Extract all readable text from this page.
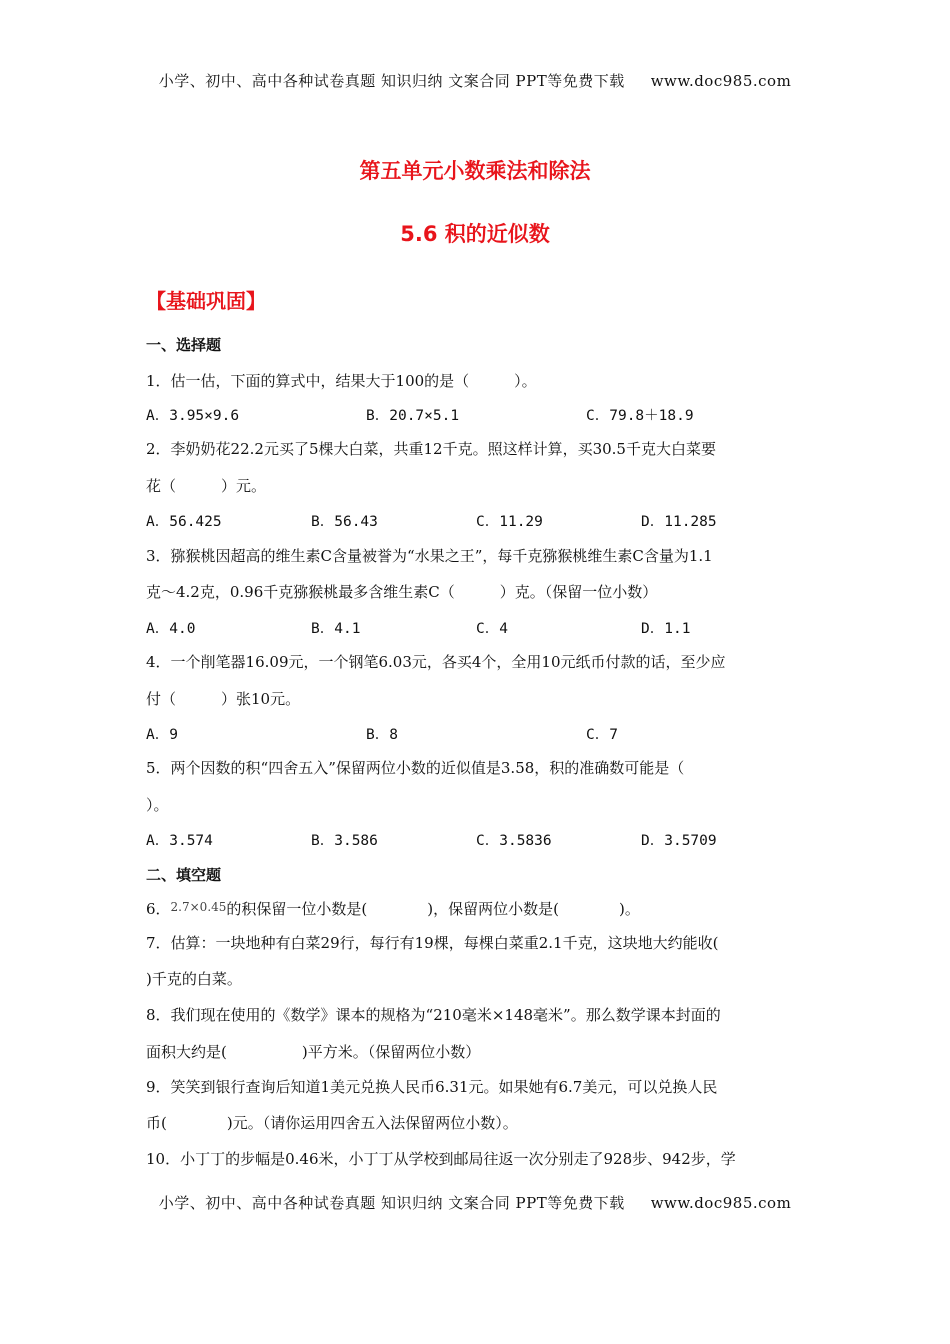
小学、初中、高中各种试卷真题 知识归纳 文案合同 PPT等免费下载 www.doc985.com
第五单元小数乘法和除法
5.6 积的近似数
【基础巩固】
一、选择题
1．估一估，下面的算式中，结果大于100的是（　　　）。
A．3.95×9.6	B．20.7×5.1	C．79.8＋18.9
2．李奶奶花22.2元买了5棵大白菜，共重12千克。照这样计算，买30.5千克大白菜要
花（　　　）元。
A．56.425	B．56.43	C．11.29	D．11.285
3．猕猴桃因超高的维生素C含量被誉为“水果之王”，每千克猕猴桃维生素C含量为1.1
克～4.2克，0.96千克猕猴桃最多含维生素C（　　　）克。（保留一位小数）
A．4.0	B．4.1	C．4	D．1.1
4．一个削笔器16.09元，一个钢笔6.03元，各买4个，全用10元纸币付款的话，至少应
付（　　　）张10元。
A．9	B．8	C．7
5．两个因数的积“四舍五入”保留两位小数的近似值是3.58，积的准确数可能是（
）。
A．3.574	B．3.586	C．3.5836	D．3.5709
二、填空题
6．$^{2.7\times 0.45}$的积保留一位小数是(　　　　)，保留两位小数是(　　　　)。
7．估算：一块地种有白菜29行，每行有19棵，每棵白菜重2.1千克，这块地大约能收(
)千克的白菜。
8．我们现在使用的《数学》课本的规格为“210毫米×148毫米”。那么数学课本封面的
面积大约是(　　　　　)平方米。（保留两位小数）
9．笑笑到银行查询后知道1美元兑换人民币6.31元。如果她有6.7美元，可以兑换人民
币(　　　　)元。（请你运用四舍五入法保留两位小数）。
10．小丁丁的步幅是0.46米，小丁丁从学校到邮局往返一次分别走了928步、942步，学
小学、初中、高中各种试卷真题 知识归纳 文案合同 PPT等免费下载 www.doc985.com
